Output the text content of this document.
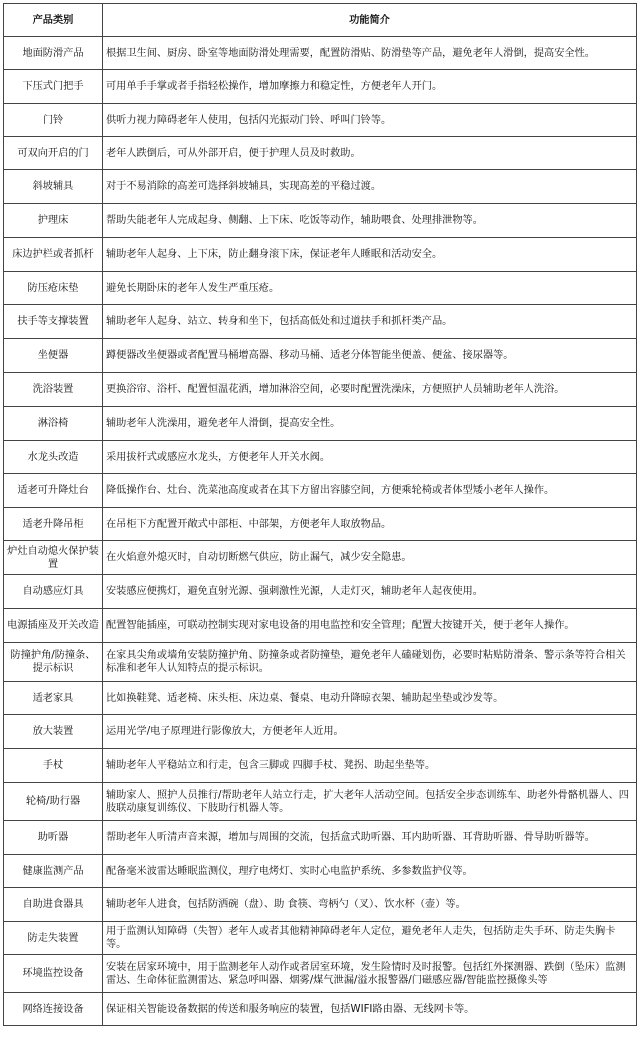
产品类别	功能简介
地面防滑产品	根据卫生间、厨房、卧室等地面防滑处理需要，配置防滑贴、防滑垫等产品，避免老年人滑倒，提高安全性。
下压式门把手	可用单手手掌或者手指轻松操作，增加摩擦力和稳定性，方便老年人开门。
门铃	供听力视力障碍老年人使用，包括闪光振动门铃、呼叫门铃等。
可双向开启的门	老年人跌倒后，可从外部开启，便于护理人员及时救助。
斜坡辅具	对于不易消除的高差可选择斜坡辅具，实现高差的平稳过渡。
护理床	帮助失能老年人完成起身、侧翻、上下床、吃饭等动作，辅助喂食、处理排泄物等。
床边护栏或者抓杆	辅助老年人起身、上下床，防止翻身滚下床，保证老年人睡眠和活动安全。
防压疮床垫	避免长期卧床的老年人发生严重压疮。
扶手等支撑装置	辅助老年人起身、站立、转身和坐下，包括高低处和过道扶手和抓杆类产品。
坐便器	蹲便器改坐便器或者配置马桶增高器、移动马桶、适老分体智能坐便盖、便盆、接尿器等。
洗浴装置	更换浴帘、浴杆、配置恒温花洒，增加淋浴空间，必要时配置洗澡床，方便照护人员辅助老年人洗浴。
淋浴椅	辅助老年人洗澡用，避免老年人滑倒，提高安全性。
水龙头改造	采用拔杆式或感应水龙头，方便老年人开关水阀。
适老可升降灶台	降低操作台、灶台、洗菜池高度或者在其下方留出容膝空间，方便乘轮椅或者体型矮小老年人操作。
适老升降吊柜	在吊柜下方配置开敞式中部柜、中部架，方便老年人取放物品。
炉灶自动熄火保护装置	在火焰意外熄灭时，自动切断燃气供应，防止漏气，减少安全隐患。
自动感应灯具	安装感应便携灯，避免直射光源、强刺激性光源，人走灯灭，辅助老年人起夜使用。
电源插座及开关改造	配置智能插座，可联动控制实现对家电设备的用电监控和安全管理；配置大按键开关，便于老年人操作。
防撞护角/防撞条、提示标识	在家具尖角或墙角安装防撞护角、防撞条或者防撞垫，避免老年人磕碰划伤，必要时粘贴防滑条、警示条等符合相关标准和老年人认知特点的提示标识。
适老家具	比如换鞋凳、适老椅、床头柜、床边桌、餐桌、电动升降晾衣架、辅助起坐垫或沙发等。
放大装置	运用光学/电子原理进行影像放大，方便老年人近用。
手杖	辅助老年人平稳站立和行走，包含三脚或 四脚手杖、凳拐、助起坐垫等。
轮椅/助行器	辅助家人、照护人员推行/帮助老年人站立行走，扩大老年人活动空间。包括安全步态训练车、助老外骨骼机器人、四肢联动康复训练仪、下肢助行机器人等。
助听器	帮助老年人听清声音来源，增加与周围的交流，包括盒式助听器、耳内助听器、耳背助听器、骨导助听器等。
健康监测产品	配备毫米波雷达睡眠监测仪，理疗电烤灯、实时心电监护系统、多参数监护仪等。
自助进食器具	辅助老年人进食，包括防洒碗（盘）、助 食筷、弯柄勺（叉）、饮水杯（壶）等。
防走失装置	用于监测认知障碍（失智）老年人或者其他精神障碍老年人定位，避免老年人走失，包括防走失手环、防走失胸卡等。
环境监控设备	安装在居家环境中，用于监测老年人动作或者居室环境，发生险情时及时报警。包括红外探测器、跌倒（坠床）监测雷达、生命体征监测雷达、紧急呼叫器、烟雾/煤气泄漏/溢水报警器/门磁感应器/智能监控摄像头等
网络连接设备	保证相关智能设备数据的传送和服务响应的装置，包括WIFI路由器、无线网卡等。
